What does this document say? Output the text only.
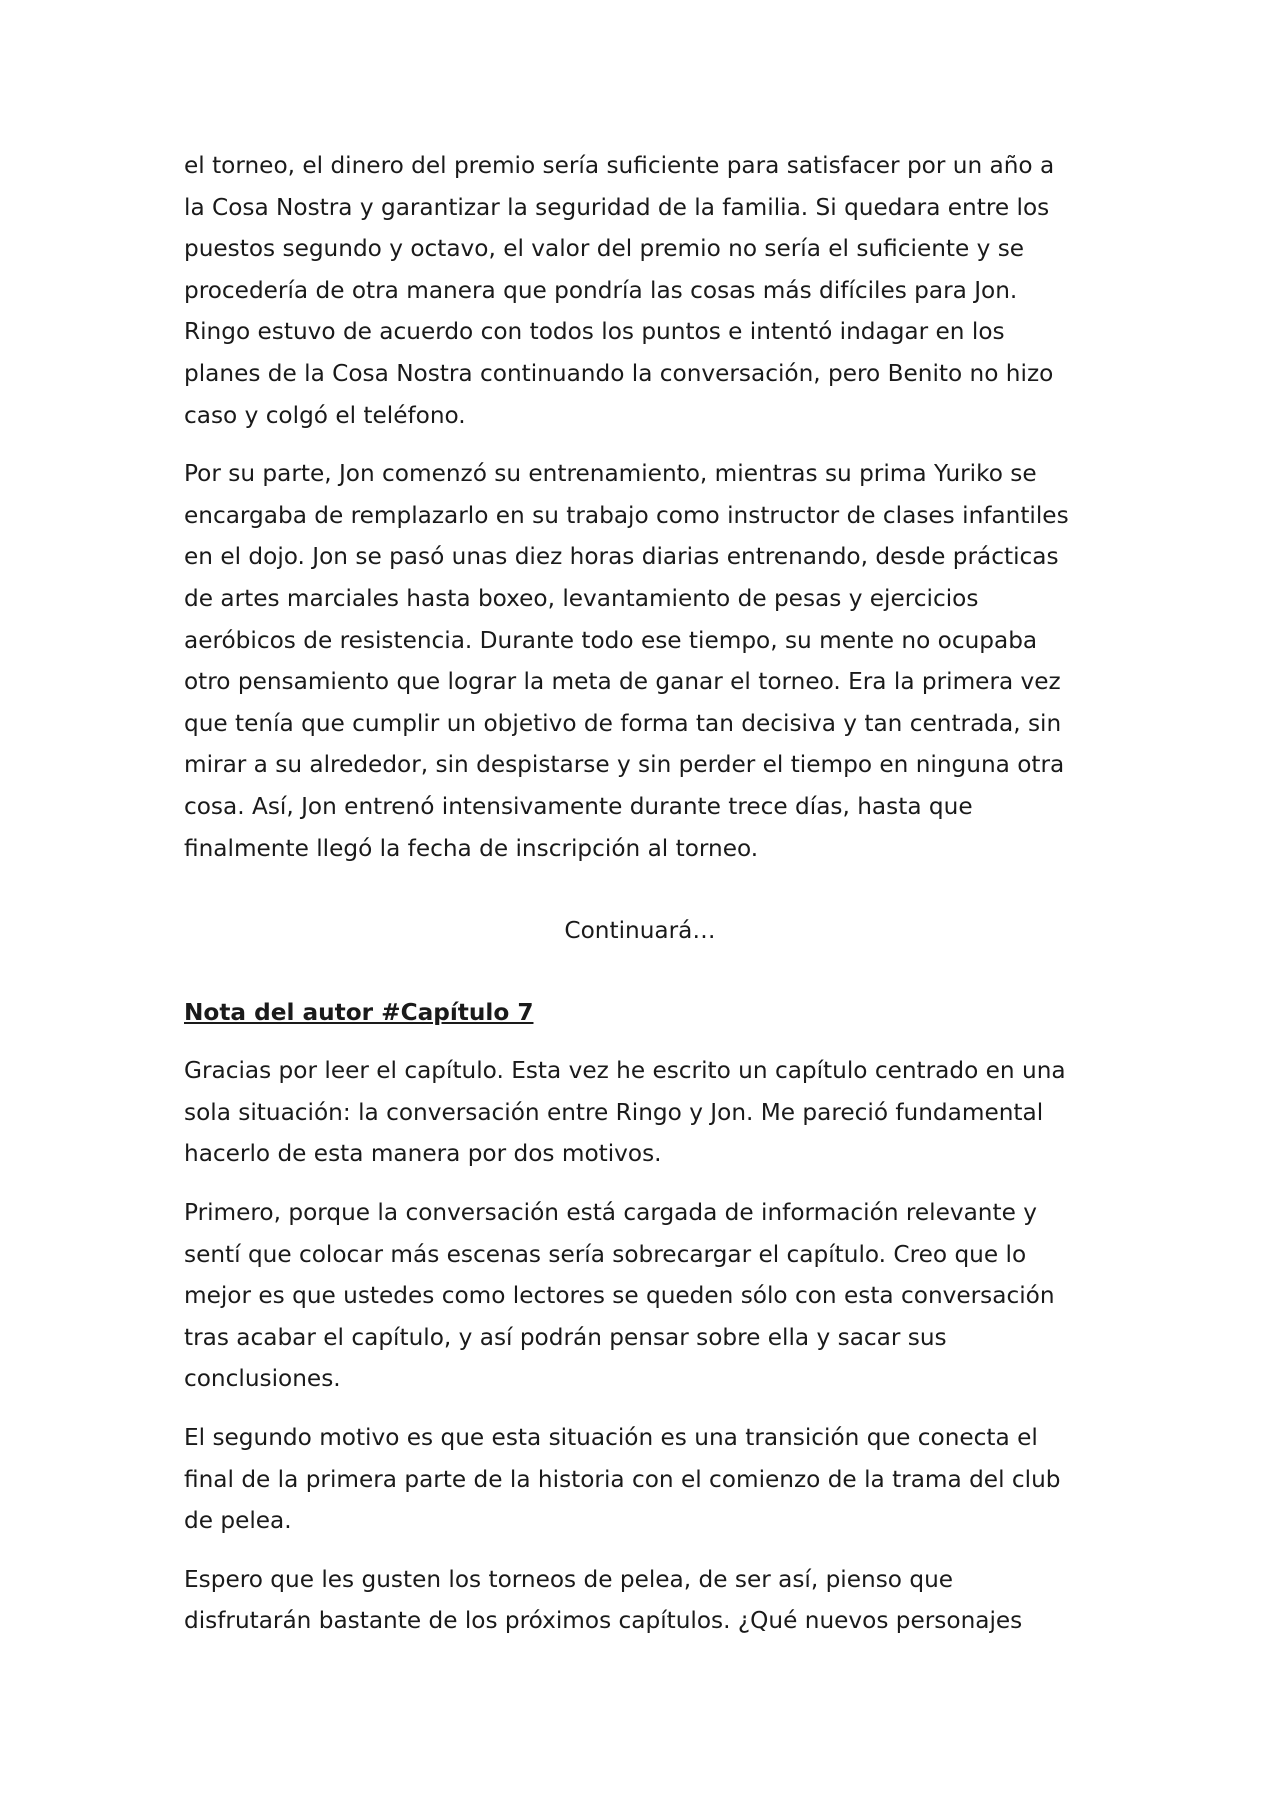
el torneo, el dinero del premio sería suficiente para satisfacer por un año a
la Cosa Nostra y garantizar la seguridad de la familia. Si quedara entre los
puestos segundo y octavo, el valor del premio no sería el suficiente y se
procedería de otra manera que pondría las cosas más difíciles para Jon.
Ringo estuvo de acuerdo con todos los puntos e intentó indagar en los
planes de la Cosa Nostra continuando la conversación, pero Benito no hizo
caso y colgó el teléfono.

Por su parte, Jon comenzó su entrenamiento, mientras su prima Yuriko se
encargaba de remplazarlo en su trabajo como instructor de clases infantiles
en el dojo. Jon se pasó unas diez horas diarias entrenando, desde prácticas
de artes marciales hasta boxeo, levantamiento de pesas y ejercicios
aeróbicos de resistencia. Durante todo ese tiempo, su mente no ocupaba
otro pensamiento que lograr la meta de ganar el torneo. Era la primera vez
que tenía que cumplir un objetivo de forma tan decisiva y tan centrada, sin
mirar a su alrededor, sin despistarse y sin perder el tiempo en ninguna otra
cosa. Así, Jon entrenó intensivamente durante trece días, hasta que
finalmente llegó la fecha de inscripción al torneo.

Continuará…

Nota del autor #Capítulo 7

Gracias por leer el capítulo. Esta vez he escrito un capítulo centrado en una
sola situación: la conversación entre Ringo y Jon. Me pareció fundamental
hacerlo de esta manera por dos motivos.

Primero, porque la conversación está cargada de información relevante y
sentí que colocar más escenas sería sobrecargar el capítulo. Creo que lo
mejor es que ustedes como lectores se queden sólo con esta conversación
tras acabar el capítulo, y así podrán pensar sobre ella y sacar sus
conclusiones.

El segundo motivo es que esta situación es una transición que conecta el
final de la primera parte de la historia con el comienzo de la trama del club
de pelea.

Espero que les gusten los torneos de pelea, de ser así, pienso que
disfrutarán bastante de los próximos capítulos. ¿Qué nuevos personajes
